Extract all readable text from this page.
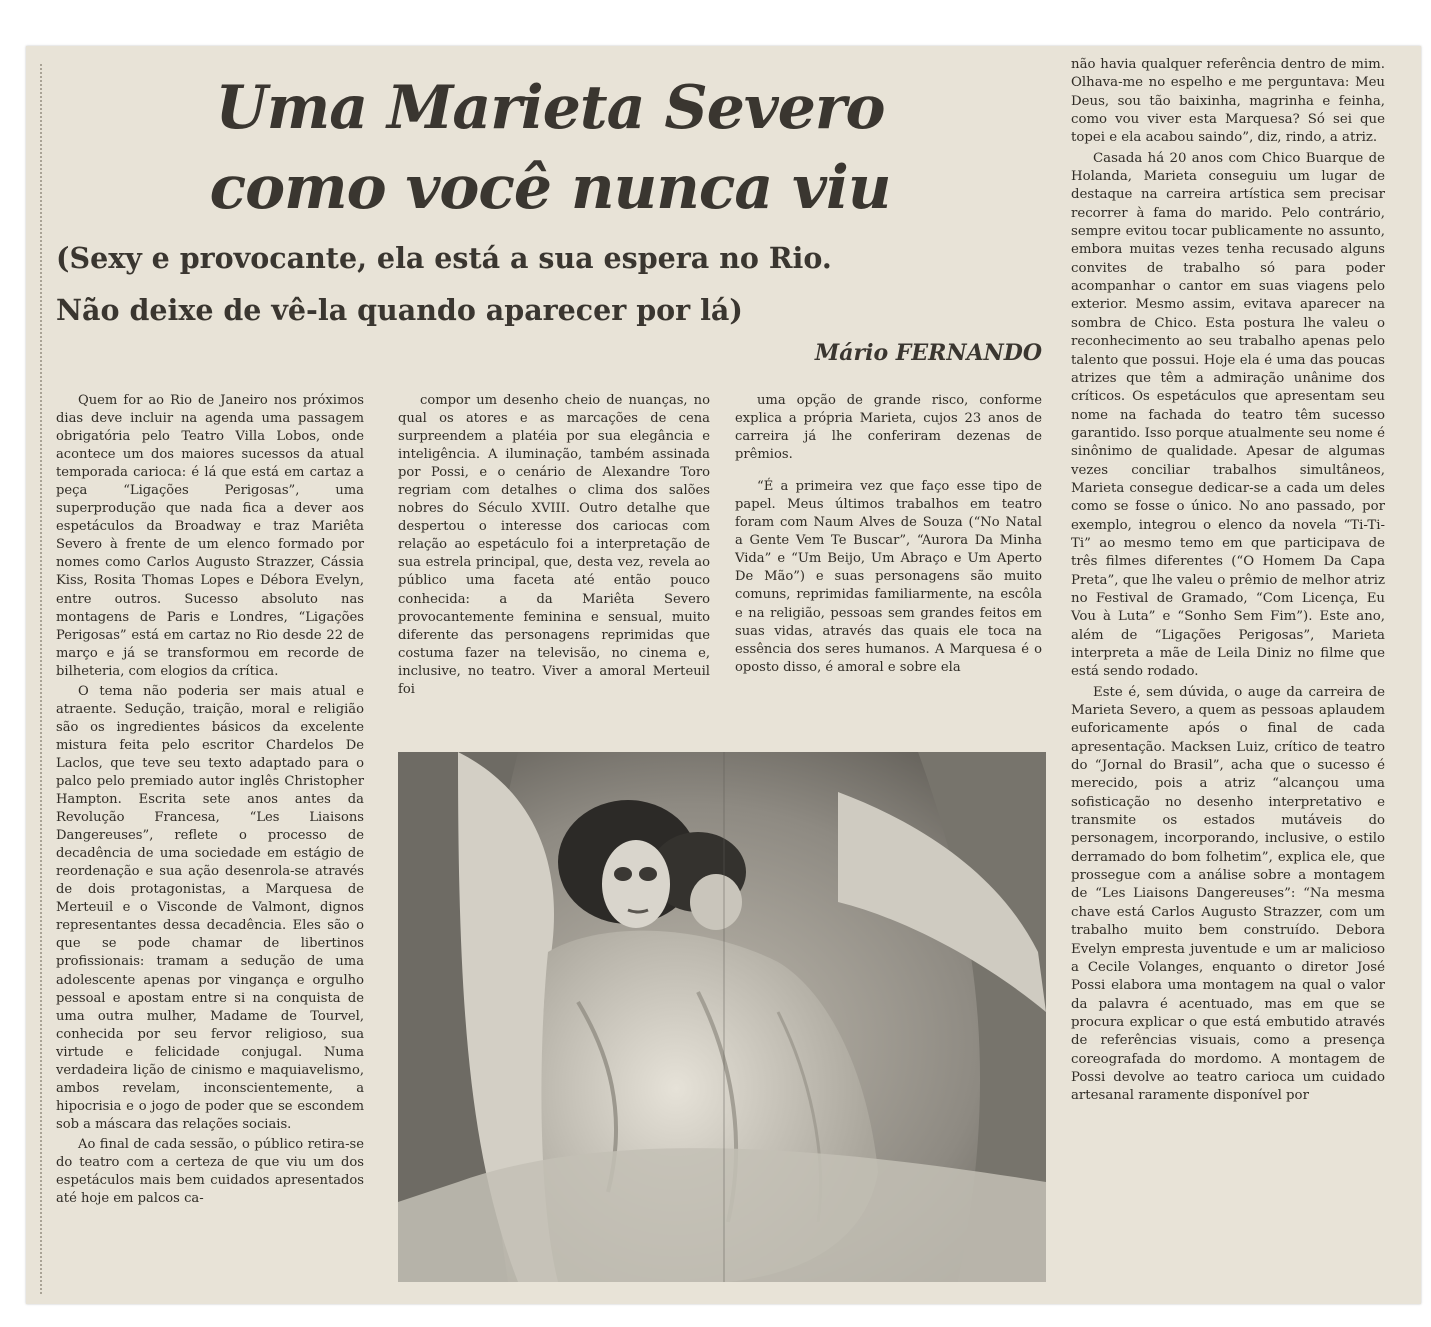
Uma Marieta Severo
como você nunca viu
(Sexy e provocante, ela está a sua espera no Rio.
Não deixe de vê-la quando aparecer por lá)
Mário FERNANDO

Quem for ao Rio de Janeiro nos próximos dias deve incluir na agenda uma passagem obrigatória pelo Teatro Villa Lobos, onde acontece um dos maiores sucessos da atual temporada carioca: é lá que está em cartaz a peça “Ligações Perigosas”, uma superprodução que nada fica a dever aos espetáculos da Broadway e traz Mariêta Severo à frente de um elenco formado por nomes como Carlos Augusto Strazzer, Cássia Kiss, Rosita Thomas Lopes e Débora Evelyn, entre outros. Sucesso absoluto nas montagens de Paris e Londres, “Ligações Perigosas” está em cartaz no Rio desde 22 de março e já se transformou em recorde de bilheteria, com elogios da crítica.

O tema não poderia ser mais atual e atraente. Sedução, traição, moral e religião são os ingredientes básicos da excelente mistura feita pelo escritor Chardelos De Laclos, que teve seu texto adaptado para o palco pelo premiado autor inglês Christopher Hampton. Escrita sete anos antes da Revolução Francesa, “Les Liaisons Dangereuses”, reflete o processo de decadência de uma sociedade em estágio de reordenação e sua ação desenrola-se através de dois protagonistas, a Marquesa de Merteuil e o Visconde de Valmont, dignos representantes dessa decadência. Eles são o que se pode chamar de libertinos profissionais: tramam a sedução de uma adolescente apenas por vingança e orgulho pessoal e apostam entre si na conquista de uma outra mulher, Madame de Tourvel, conhecida por seu fervor religioso, sua virtude e felicidade conjugal. Numa verdadeira lição de cinismo e maquiavelismo, ambos revelam, inconscientemente, a hipocrisia e o jogo de poder que se escondem sob a máscara das relações sociais.

Ao final de cada sessão, o público retira-se do teatro com a certeza de que viu um dos espetáculos mais bem cuidados apresentados até hoje em palcos ca-

compor um desenho cheio de nuanças, no qual os atores e as marcações de cena surpreendem a platéia por sua elegância e inteligência. A iluminação, também assinada por Possi, e o cenário de Alexandre Toro regriam com detalhes o clima dos salões nobres do Século XVIII. Outro detalhe que despertou o interesse dos cariocas com relação ao espetáculo foi a interpretação de sua estrela principal, que, desta vez, revela ao público uma faceta até então pouco conhecida: a da Mariêta Severo provocantemente feminina e sensual, muito diferente das personagens reprimidas que costuma fazer na televisão, no cinema e, inclusive, no teatro. Viver a amoral Merteuil foi

uma opção de grande risco, conforme explica a própria Marieta, cujos 23 anos de carreira já lhe conferiram dezenas de prêmios.

“É a primeira vez que faço esse tipo de papel. Meus últimos trabalhos em teatro foram com Naum Alves de Souza (“No Natal a Gente Vem Te Buscar”, “Aurora Da Minha Vida” e “Um Beijo, Um Abraço e Um Aperto De Mão”) e suas personagens são muito comuns, reprimidas familiarmente, na escôla e na religião, pessoas sem grandes feitos em suas vidas, através das quais ele toca na essência dos seres humanos. A Marquesa é o oposto disso, é amoral e sobre ela

não havia qualquer referência dentro de mim. Olhava-me no espelho e me perguntava: Meu Deus, sou tão baixinha, magrinha e feinha, como vou viver esta Marquesa? Só sei que topei e ela acabou saindo”, diz, rindo, a atriz.

Casada há 20 anos com Chico Buarque de Holanda, Marieta conseguiu um lugar de destaque na carreira artística sem precisar recorrer à fama do marido. Pelo contrário, sempre evitou tocar publicamente no assunto, embora muitas vezes tenha recusado alguns convites de trabalho só para poder acompanhar o cantor em suas viagens pelo exterior. Mesmo assim, evitava aparecer na sombra de Chico. Esta postura lhe valeu o reconhecimento ao seu trabalho apenas pelo talento que possui. Hoje ela é uma das poucas atrizes que têm a admiração unânime dos críticos. Os espetáculos que apresentam seu nome na fachada do teatro têm sucesso garantido. Isso porque atualmente seu nome é sinônimo de qualidade. Apesar de algumas vezes conciliar trabalhos simultâneos, Marieta consegue dedicar-se a cada um deles como se fosse o único. No ano passado, por exemplo, integrou o elenco da novela “Ti-Ti-Ti” ao mesmo temo em que participava de três filmes diferentes (“O Homem Da Capa Preta”, que lhe valeu o prêmio de melhor atriz no Festival de Gramado, “Com Licença, Eu Vou à Luta” e “Sonho Sem Fim”). Este ano, além de “Ligações Perigosas”, Marieta interpreta a mãe de Leila Diniz no filme que está sendo rodado.

Este é, sem dúvida, o auge da carreira de Marieta Severo, a quem as pessoas aplaudem euforicamente após o final de cada apresentação. Macksen Luiz, crítico de teatro do “Jornal do Brasil”, acha que o sucesso é merecido, pois a atriz “alcançou uma sofisticação no desenho interpretativo e transmite os estados mutáveis do personagem, incorporando, inclusive, o estilo derramado do bom folhetim”, explica ele, que prossegue com a análise sobre a montagem de “Les Liaisons Dangereuses”: “Na mesma chave está Carlos Augusto Strazzer, com um trabalho muito bem construído. Debora Evelyn empresta juventude e um ar malicioso a Cecile Volanges, enquanto o diretor José Possi elabora uma montagem na qual o valor da palavra é acentuado, mas em que se procura explicar o que está embutido através de referências visuais, como a presença coreografada do mordomo. A montagem de Possi devolve ao teatro carioca um cuidado artesanal raramente disponível por
